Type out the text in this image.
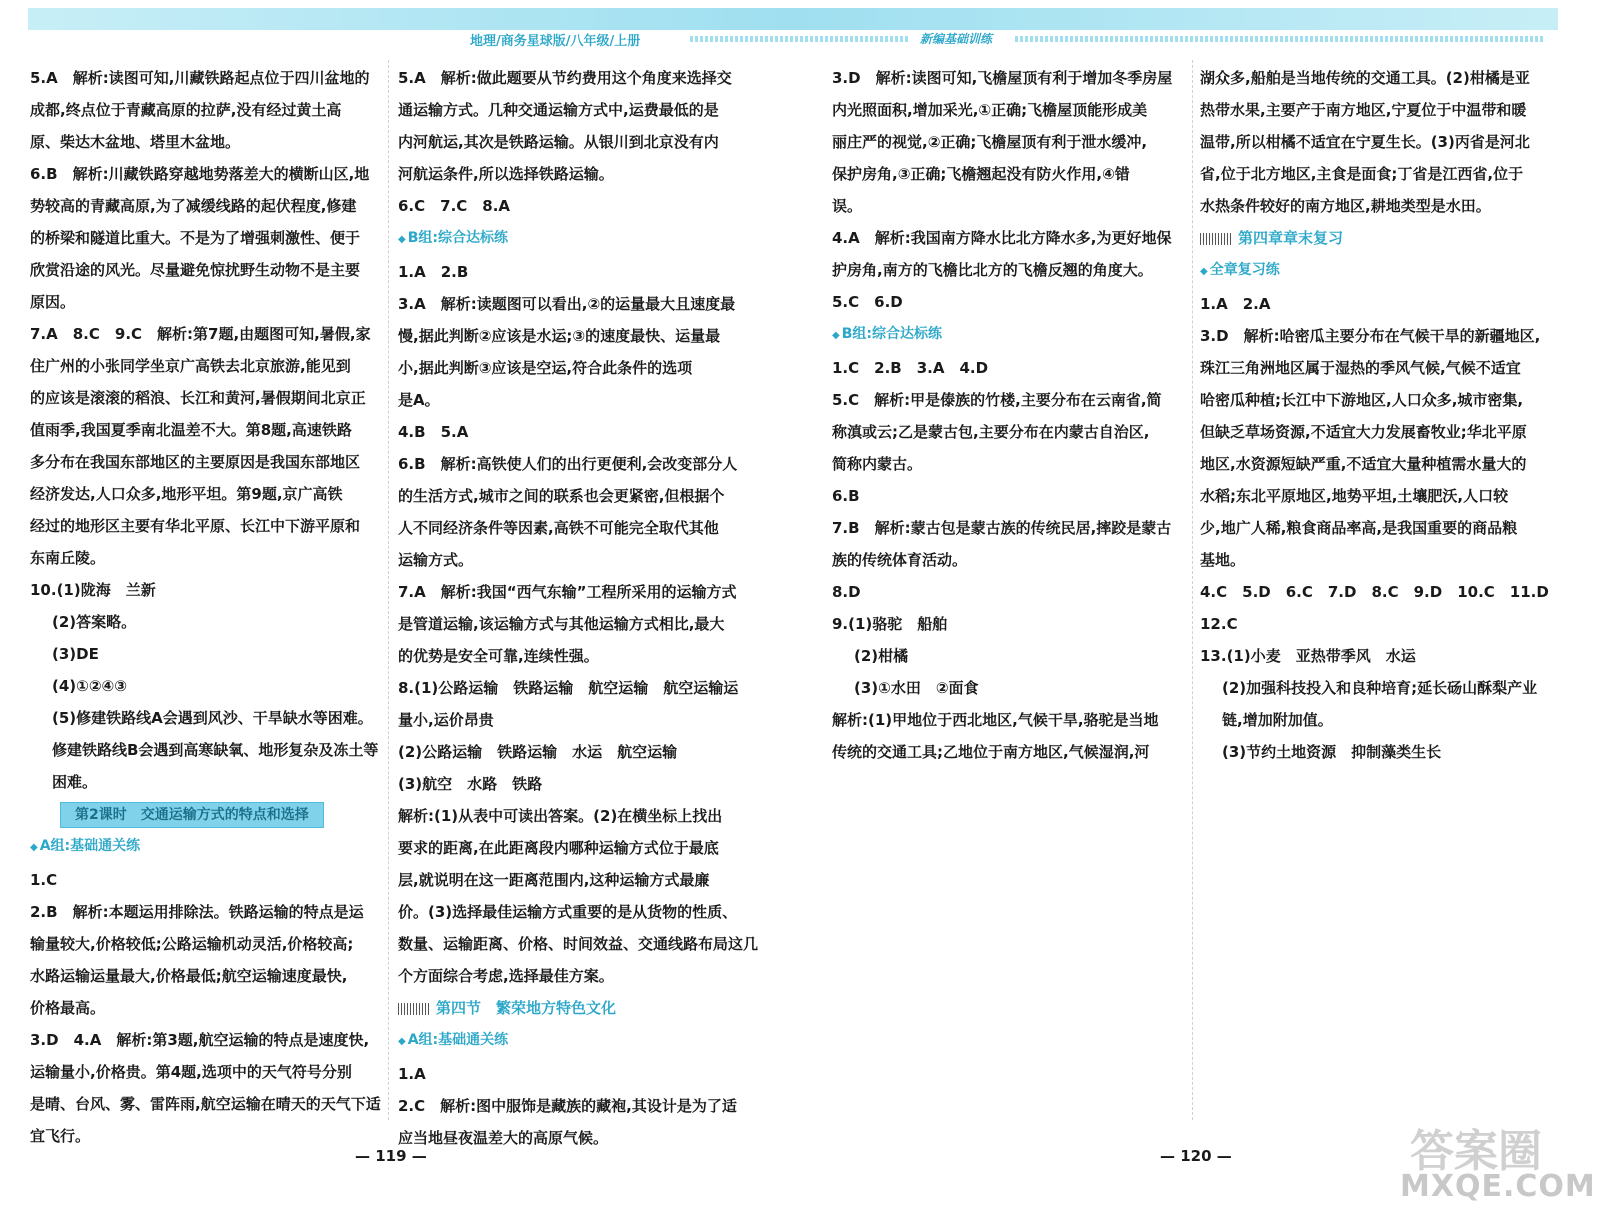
地理/商务星球版/八年级/上册	新编基础训练

5.A　解析:读图可知,川藏铁路起点位于四川盆地的

成都,终点位于青藏高原的拉萨,没有经过黄土高

原、柴达木盆地、塔里木盆地。

6.B　解析:川藏铁路穿越地势落差大的横断山区,地

势较高的青藏高原,为了减缓线路的起伏程度,修建

的桥梁和隧道比重大。不是为了增强刺激性、便于

欣赏沿途的风光。尽量避免惊扰野生动物不是主要

原因。

7.A　8.C　9.C　解析:第7题,由题图可知,暑假,家

住广州的小张同学坐京广高铁去北京旅游,能见到

的应该是滚滚的稻浪、长江和黄河,暑假期间北京正

值雨季,我国夏季南北温差不大。第8题,高速铁路

多分布在我国东部地区的主要原因是我国东部地区

经济发达,人口众多,地形平坦。第9题,京广高铁

经过的地形区主要有华北平原、长江中下游平原和

东南丘陵。

10.(1)陇海　兰新

(2)答案略。

(3)DE

(4)①②④③

(5)修建铁路线A会遇到风沙、干旱缺水等困难。

修建铁路线B会遇到高寒缺氧、地形复杂及冻土等

困难。

第2课时　交通运输方式的特点和选择

◆ A组:基础通关练

1.C

2.B　解析:本题运用排除法。铁路运输的特点是运

输量较大,价格较低;公路运输机动灵活,价格较高;

水路运输运量最大,价格最低;航空运输速度最快,

价格最高。

3.D　4.A　解析:第3题,航空运输的特点是速度快,

运输量小,价格贵。第4题,选项中的天气符号分别

是晴、台风、雾、雷阵雨,航空运输在晴天的天气下适

宜飞行。

5.A　解析:做此题要从节约费用这个角度来选择交

通运输方式。几种交通运输方式中,运费最低的是

内河航运,其次是铁路运输。从银川到北京没有内

河航运条件,所以选择铁路运输。

6.C　7.C　8.A

◆ B组:综合达标练

1.A　2.B

3.A　解析:读题图可以看出,②的运量最大且速度最

慢,据此判断②应该是水运;③的速度最快、运量最

小,据此判断③应该是空运,符合此条件的选项

是A。

4.B　5.A

6.B　解析:高铁使人们的出行更便利,会改变部分人

的生活方式,城市之间的联系也会更紧密,但根据个

人不同经济条件等因素,高铁不可能完全取代其他

运输方式。

7.A　解析:我国“西气东输”工程所采用的运输方式

是管道运输,该运输方式与其他运输方式相比,最大

的优势是安全可靠,连续性强。

8.(1)公路运输　铁路运输　航空运输　航空运输运

量小,运价昂贵

(2)公路运输　铁路运输　水运　航空运输

(3)航空　水路　铁路

解析:(1)从表中可读出答案。(2)在横坐标上找出

要求的距离,在此距离段内哪种运输方式位于最底

层,就说明在这一距离范围内,这种运输方式最廉

价。(3)选择最佳运输方式重要的是从货物的性质、

数量、运输距离、价格、时间效益、交通线路布局这几

个方面综合考虑,选择最佳方案。

第四节　繁荣地方特色文化

◆ A组:基础通关练

1.A

2.C　解析:图中服饰是藏族的藏袍,其设计是为了适

应当地昼夜温差大的高原气候。

3.D　解析:读图可知,飞檐屋顶有利于增加冬季房屋

内光照面积,增加采光,①正确;飞檐屋顶能形成美

丽庄严的视觉,②正确;飞檐屋顶有利于泄水缓冲,

保护房角,③正确;飞檐翘起没有防火作用,④错

误。

4.A　解析:我国南方降水比北方降水多,为更好地保

护房角,南方的飞檐比北方的飞檐反翘的角度大。

5.C　6.D

◆ B组:综合达标练

1.C　2.B　3.A　4.D

5.C　解析:甲是傣族的竹楼,主要分布在云南省,简

称滇或云;乙是蒙古包,主要分布在内蒙古自治区,

简称内蒙古。

6.B

7.B　解析:蒙古包是蒙古族的传统民居,摔跤是蒙古

族的传统体育活动。

8.D

9.(1)骆驼　船舶

(2)柑橘

(3)①水田　②面食

解析:(1)甲地位于西北地区,气候干旱,骆驼是当地

传统的交通工具;乙地位于南方地区,气候湿润,河

湖众多,船舶是当地传统的交通工具。(2)柑橘是亚

热带水果,主要产于南方地区,宁夏位于中温带和暖

温带,所以柑橘不适宜在宁夏生长。(3)丙省是河北

省,位于北方地区,主食是面食;丁省是江西省,位于

水热条件较好的南方地区,耕地类型是水田。

第四章章末复习

◆ 全章复习练

1.A　2.A

3.D　解析:哈密瓜主要分布在气候干旱的新疆地区,

珠江三角洲地区属于湿热的季风气候,气候不适宜

哈密瓜种植;长江中下游地区,人口众多,城市密集,

但缺乏草场资源,不适宜大力发展畜牧业;华北平原

地区,水资源短缺严重,不适宜大量种植需水量大的

水稻;东北平原地区,地势平坦,土壤肥沃,人口较

少,地广人稀,粮食商品率高,是我国重要的商品粮

基地。

4.C　5.D　6.C　7.D　8.C　9.D　10.C　11.D

12.C

13.(1)小麦　亚热带季风　水运

(2)加强科技投入和良种培育;延长砀山酥梨产业

链,增加附加值。

(3)节约土地资源　抑制藻类生长

— 119 —	— 120 —	答案圈
MXQE.COM
